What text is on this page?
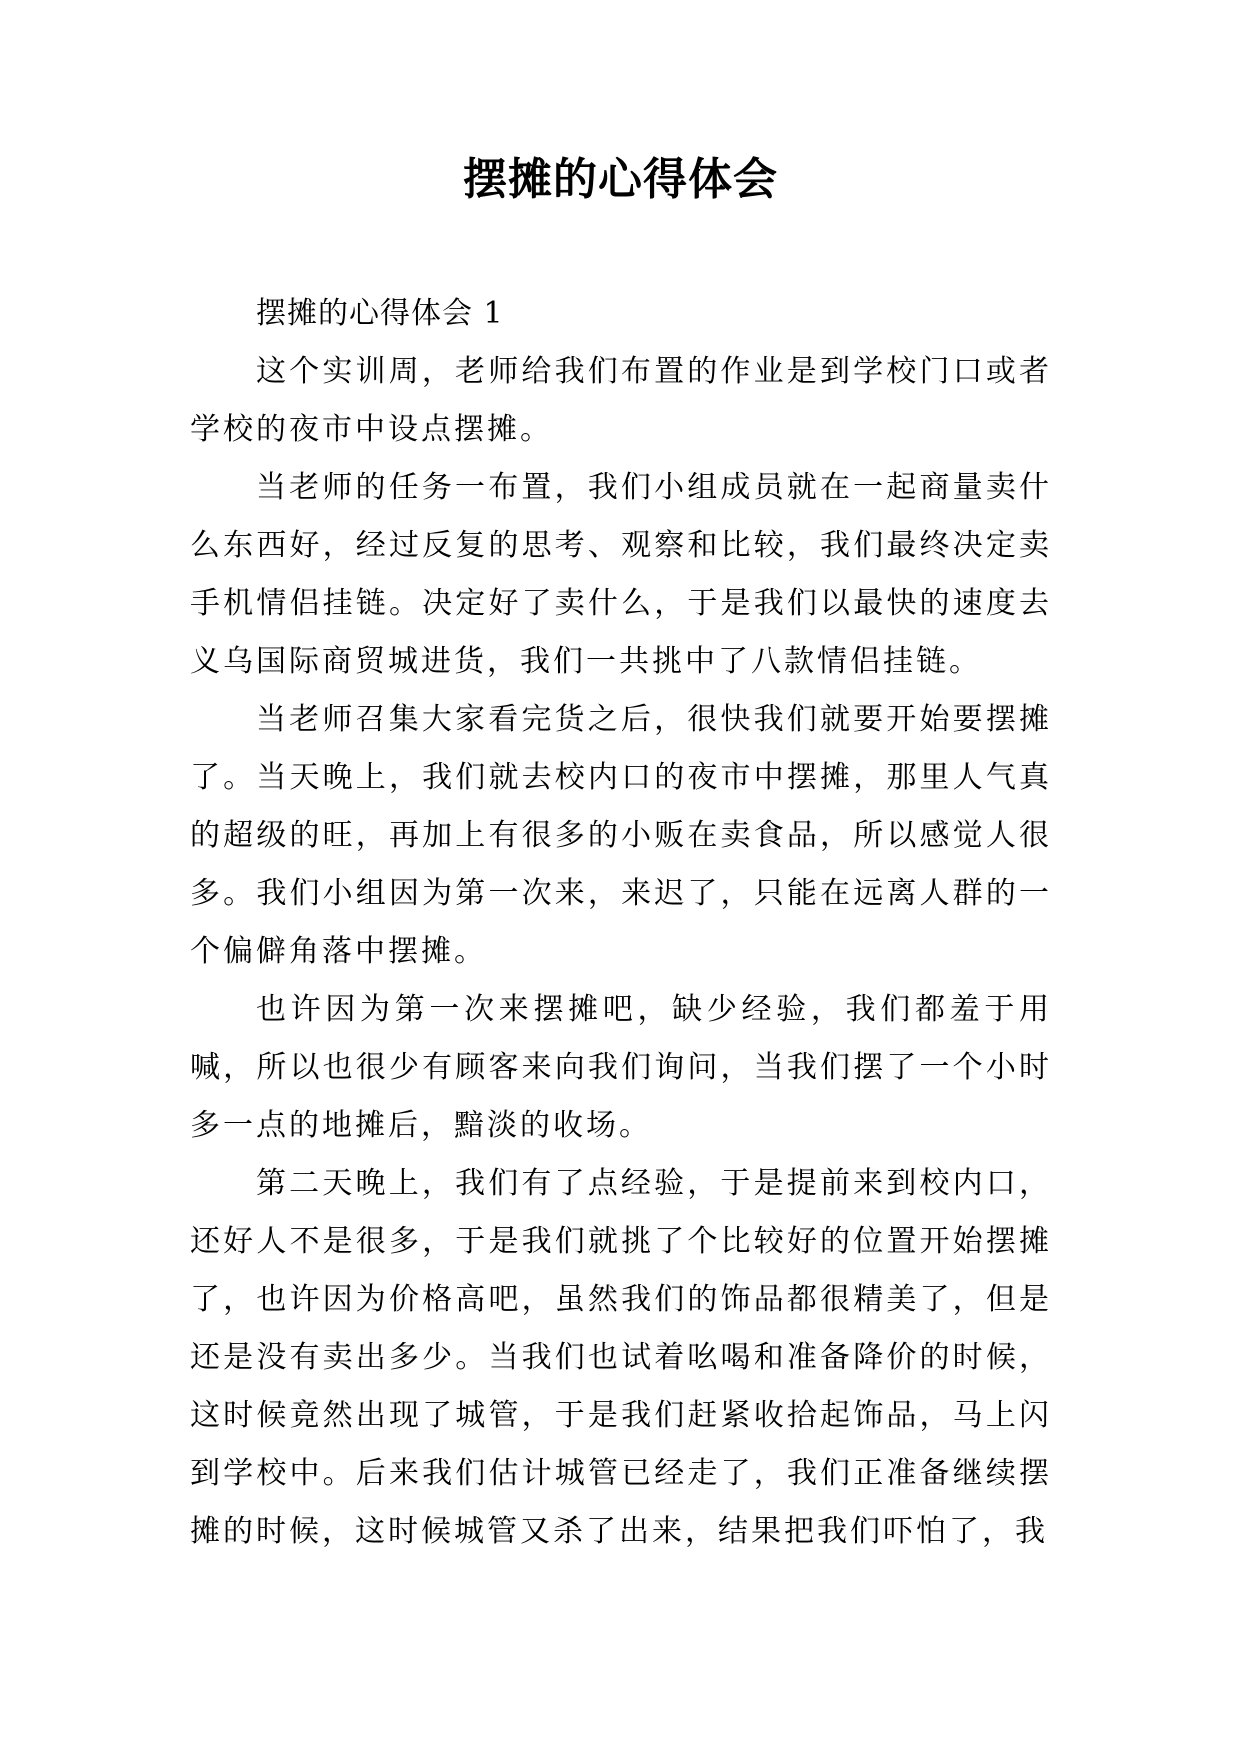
摆摊的心得体会

摆摊的心得体会 1

这个实训周，老师给我们布置的作业是到学校门口或者学校的夜市中设点摆摊。

当老师的任务一布置，我们小组成员就在一起商量卖什么东西好，经过反复的思考、观察和比较，我们最终决定卖手机情侣挂链。决定好了卖什么，于是我们以最快的速度去义乌国际商贸城进货，我们一共挑中了八款情侣挂链。

当老师召集大家看完货之后，很快我们就要开始要摆摊了。当天晚上，我们就去校内口的夜市中摆摊，那里人气真的超级的旺，再加上有很多的小贩在卖食品，所以感觉人很多。我们小组因为第一次来，来迟了，只能在远离人群的一个偏僻角落中摆摊。

也许因为第一次来摆摊吧，缺少经验，我们都羞于用喊，所以也很少有顾客来向我们询问，当我们摆了一个小时多一点的地摊后，黯淡的收场。

第二天晚上，我们有了点经验，于是提前来到校内口，还好人不是很多，于是我们就挑了个比较好的位置开始摆摊了，也许因为价格高吧，虽然我们的饰品都很精美了，但是还是没有卖出多少。当我们也试着吆喝和准备降价的时候，这时候竟然出现了城管，于是我们赶紧收拾起饰品，马上闪到学校中。后来我们估计城管已经走了，我们正准备继续摆摊的时候，这时候城管又杀了出来，结果把我们吓怕了，我
